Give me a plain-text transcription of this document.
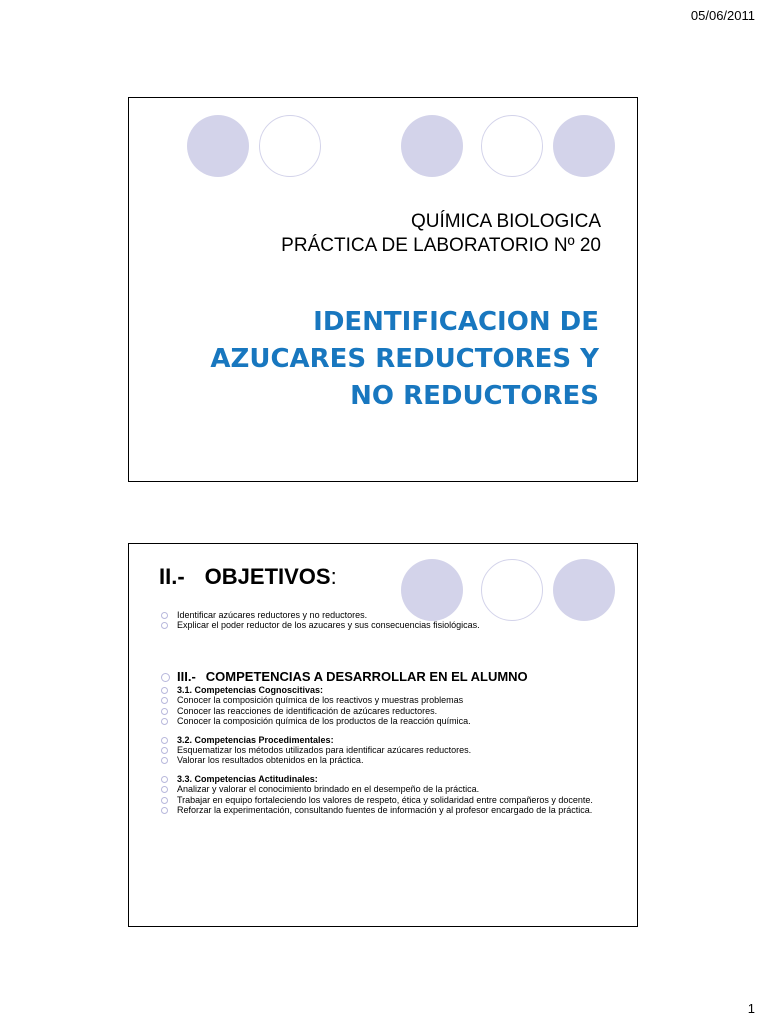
05/06/2011
QUÍMICA BIOLOGICA
PRÁCTICA DE LABORATORIO Nº 20
IDENTIFICACION DE
AZUCARES REDUCTORES Y
NO REDUCTORES
II.- OBJETIVOS:
Identificar azúcares reductores y no reductores.
Explicar el poder reductor de los azucares y sus consecuencias fisiológicas.
III.- COMPETENCIAS A DESARROLLAR EN EL ALUMNO
3.1. Competencias Cognoscitivas:
Conocer la composición química de los reactivos y muestras problemas
Conocer las reacciones de identificación de azúcares reductores.
Conocer la composición química de los productos de la reacción química.
3.2. Competencias Procedimentales:
Esquematizar los métodos utilizados para identificar azúcares reductores.
Valorar los resultados obtenidos en la práctica.
3.3. Competencias Actitudinales:
Analizar y valorar el conocimiento brindado en el desempeño de la práctica.
Trabajar en equipo fortaleciendo los valores de respeto, ética y solidaridad entre compañeros y docente.
Reforzar la experimentación, consultando fuentes de información y al profesor encargado de la práctica.
1
